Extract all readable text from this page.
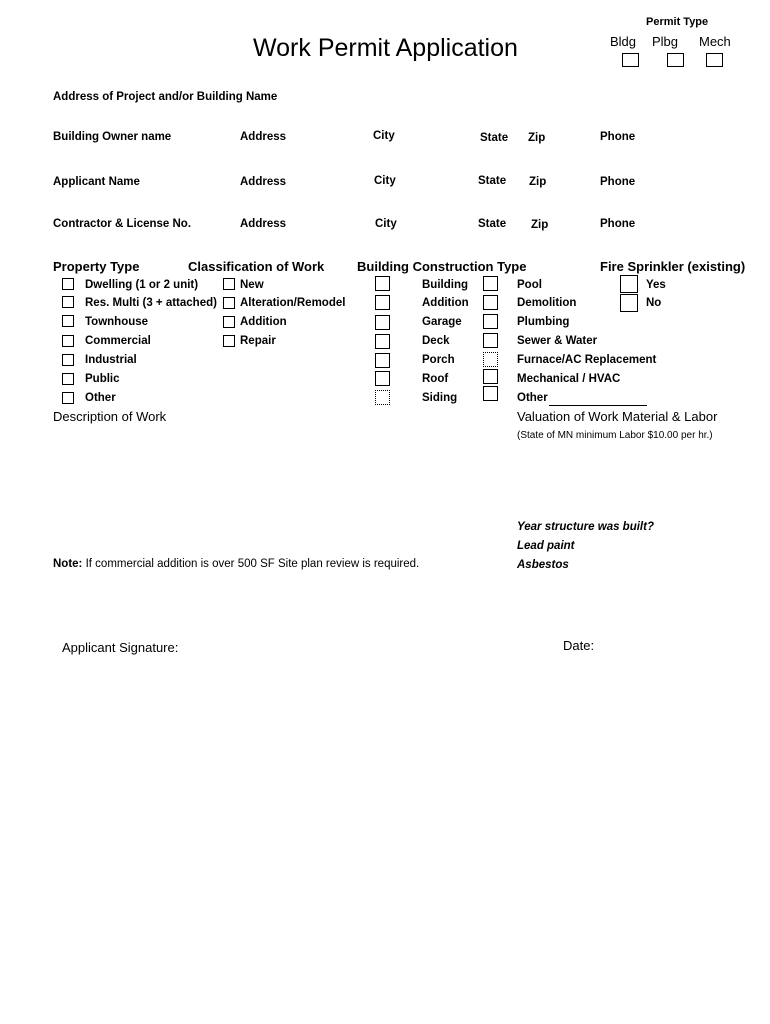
Permit Type
Bldg Plbg Mech
Work Permit Application
Address of Project and/or Building Name
Building Owner name	Address	City	State Zip	Phone
Applicant Name	Address	City	State Zip	Phone
Contractor & License No.	Address	City	State Zip	Phone
Property Type	Classification of Work	Building Construction Type	Fire Sprinkler (existing)
Dwelling (1 or 2 unit)
Res. Multi (3 + attached)
Townhouse
Commercial
Industrial
Public
Other
New
Alteration/Remodel
Addition
Repair
Building
Addition
Garage
Deck
Porch
Roof
Siding
Pool
Demolition
Plumbing
Sewer & Water
Furnace/AC Replacement
Mechanical / HVAC
Other
Yes
No
Description of Work	Valuation of Work Material & Labor
(State of MN minimum Labor $10.00 per hr.)
Year structure was built?
Lead paint
Asbestos
Note: If commercial addition is over 500 SF Site plan review is required.
Applicant Signature:	Date:
